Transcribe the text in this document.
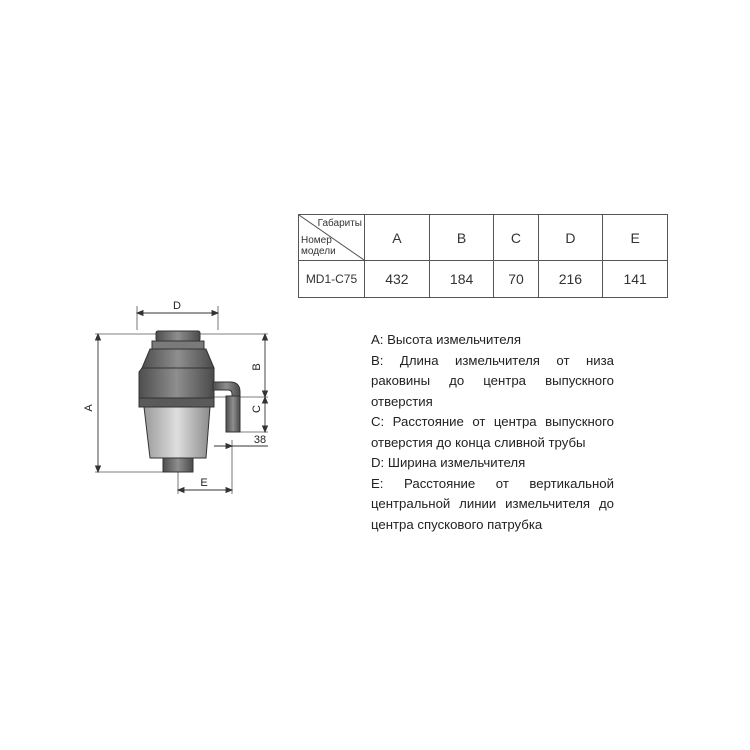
D
A
B
C
38
E
Габариты
Номер
модели	A	B	C	D	E
MD1-C75	432	184	70	216	141

A: Высота измельчителя

B: Длина измельчителя от низа раковины до центра выпускного отверстия

C: Расстояние от центра выпускного отверстия до конца сливной трубы

D: Ширина измельчителя

E: Расстояние от вертикальной центральной линии измельчителя до центра спускового патрубка
